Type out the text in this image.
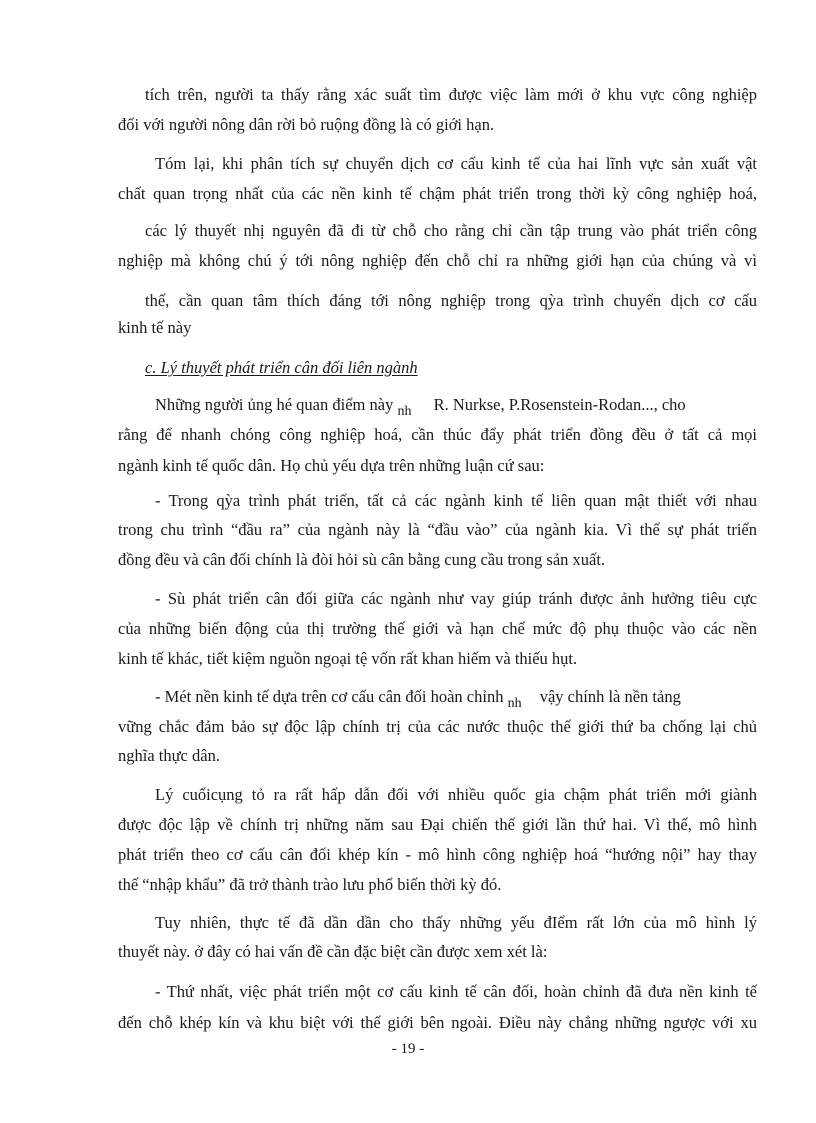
tích trên, người ta thấy rằng xác suất tìm được việc làm mới ở khu vực công nghiệp
đối với người nông dân rời bỏ ruộng đồng là có giới hạn.
Tóm lại, khi phân tích sự chuyển dịch cơ cấu kinh tế của hai lĩnh vực sản xuất vật
chất quan trọng nhất của các nền kinh tế chậm phát triển trong thời kỳ công nghiệp hoá,
các lý thuyết nhị nguyên đã đi từ chỗ cho rằng chỉ cần tập trung vào phát triển công
nghiệp mà không chú ý tới nông nghiệp đến chỗ chỉ ra những giới hạn của chúng và vì
thế, cần quan tâm thích đáng tới nông nghiệp trong qỳa trình chuyển dịch cơ cấu
kinh tế này
c. Lý thuyết phát triển cân đối liên ngành
Những người ủng hé quan điểm này $_{nh}$ R. Nurkse, P.Rosenstein-Rodan..., cho
rằng để nhanh chóng công nghiệp hoá, cần thúc đẩy phát triển đồng đều ở tất cả mọi
ngành kinh tế quốc dân. Họ chủ yếu dựa trên những luận cứ sau:
- Trong qỳa trình phát triển, tất cả các ngành kinh tế liên quan mật thiết với nhau
trong chu trình “đầu ra” của ngành này là “đầu vào” của ngành kia. Vì thế sự phát triển
đồng đều và cân đối chính là đòi hỏi sù cân bằng cung cầu trong sản xuất.
- Sù phát triển cân đối giữa các ngành như vay giúp tránh được ảnh hưởng tiêu cực
của những biến động của thị trường thế giới và hạn chế mức độ phụ thuộc vào các nền
kinh tế khác, tiết kiệm nguồn ngoại tệ vốn rất khan hiếm và thiếu hụt.
- Mét nền kinh tế dựa trên cơ cấu cân đối hoàn chỉnh $_{nh}$ vậy chính là nền tảng
vững chắc đảm bảo sự độc lập chính trị của các nước thuộc thế giới thứ ba chống lại chủ
nghĩa thực dân.
Lý cuốicụng tỏ ra rất hấp dẫn đối với nhiều quốc gia chậm phát triển mới giành
được độc lập về chính trị những năm sau Đại chiến thế giới lần thứ hai. Vì thế, mô hình
phát triển theo cơ cấu cân đối khép kín - mô hình công nghiệp hoá “hướng nội” hay thay
thế “nhập khẩu” đã trở thành trào lưu phổ biến thời kỳ đó.
Tuy nhiên, thực tế đã dần dần cho thấy những yếu đIểm rất lớn của mô hình lý
thuyết này. ở đây có hai vấn đề cần đặc biệt cần được xem xét là:
- Thứ nhất, việc phát triển một cơ cấu kinh tế cân đối, hoàn chỉnh đã đưa nền kinh tế
đến chỗ khép kín và khu biệt với thế giới bên ngoài. Điều này chẳng những ngược với xu
- 19 -
